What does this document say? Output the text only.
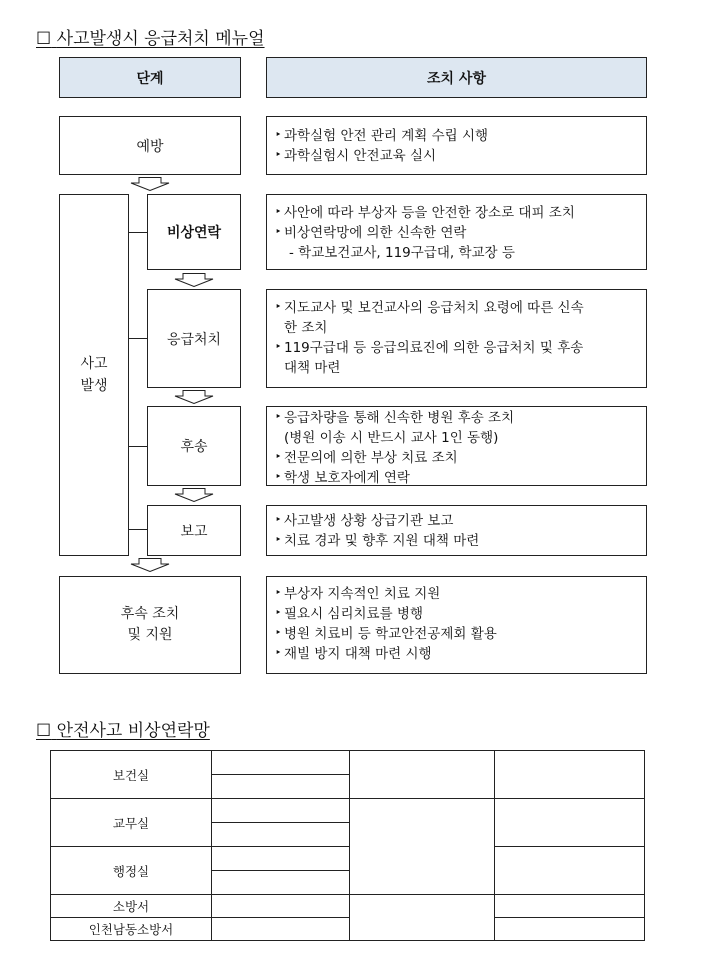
☐ 사고발생시 응급처치 메뉴얼
단계	조치 사항
예방
‣ 과학실험 안전 관리 계획 수립 시행
‣ 과학실험시 안전교육 실시
사고
발생
비상연락
‣ 사안에 따라 부상자 등을 안전한 장소로 대피 조치
‣ 비상연락망에 의한 신속한 연락
- 학교보건교사, 119구급대, 학교장 등
응급처치
‣ 지도교사 및 보건교사의 응급처치 요령에 따른 신속
한 조치
‣ 119구급대 등 응급의료진에 의한 응급처치 및 후송
대책 마련
후송
‣ 응급차량을 통해 신속한 병원 후송 조치
(병원 이송 시 반드시 교사 1인 동행)
‣ 전문의에 의한 부상 치료 조치
‣ 학생 보호자에게 연락
보고
‣ 사고발생 상황 상급기관 보고
‣ 치료 경과 및 향후 지원 대책 마련
후속 조치
및 지원
‣ 부상자 지속적인 치료 지원
‣ 필요시 심리치료를 병행
‣ 병원 치료비 등 학교안전공제회 활용
‣ 재빌 방지 대책 마련 시행
☐ 안전사고 비상연락망
보건실			

교무실			

행정실			

소방서			
인천남동소방서			
